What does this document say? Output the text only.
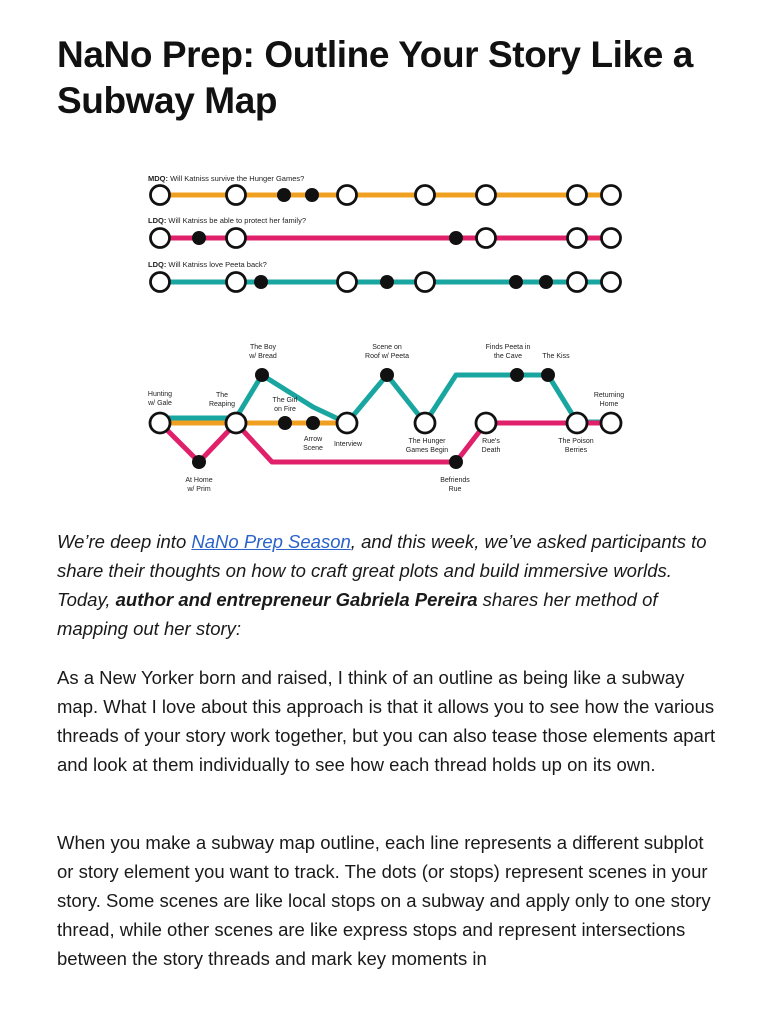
NaNo Prep: Outline Your Story Like a Subway Map
MDQ: Will Katniss survive the Hunger Games?
LDQ: Will Katniss be able to protect her family?
LDQ: Will Katniss love Peeta back?
Hunting w/ Gale
The Reaping
At Home w/ Prim
The Boy w/ Bread
The Girl on Fire
Arrow Scene
Interview
Scene on Roof w/ Peeta
The Hunger Games Begin
Befriends Rue
Finds Peeta in the Cave	The Kiss
Rue's Death
The Poison Berries
Returning Home

We’re deep into NaNo Prep Season, and this week, we’ve asked participants to share their thoughts on how to craft great plots and build immersive worlds. Today, author and entrepreneur Gabriela Pereira shares her method of mapping out her story:

As a New Yorker born and raised, I think of an outline as being like a subway map. What I love about this approach is that it allows you to see how the various threads of your story work together, but you can also tease those elements apart and look at them individually to see how each thread holds up on its own.

When you make a subway map outline, each line represents a different subplot or story element you want to track. The dots (or stops) represent scenes in your story. Some scenes are like local stops on a subway and apply only to one story thread, while other scenes are like express stops and represent intersections between the story threads and mark key moments in
